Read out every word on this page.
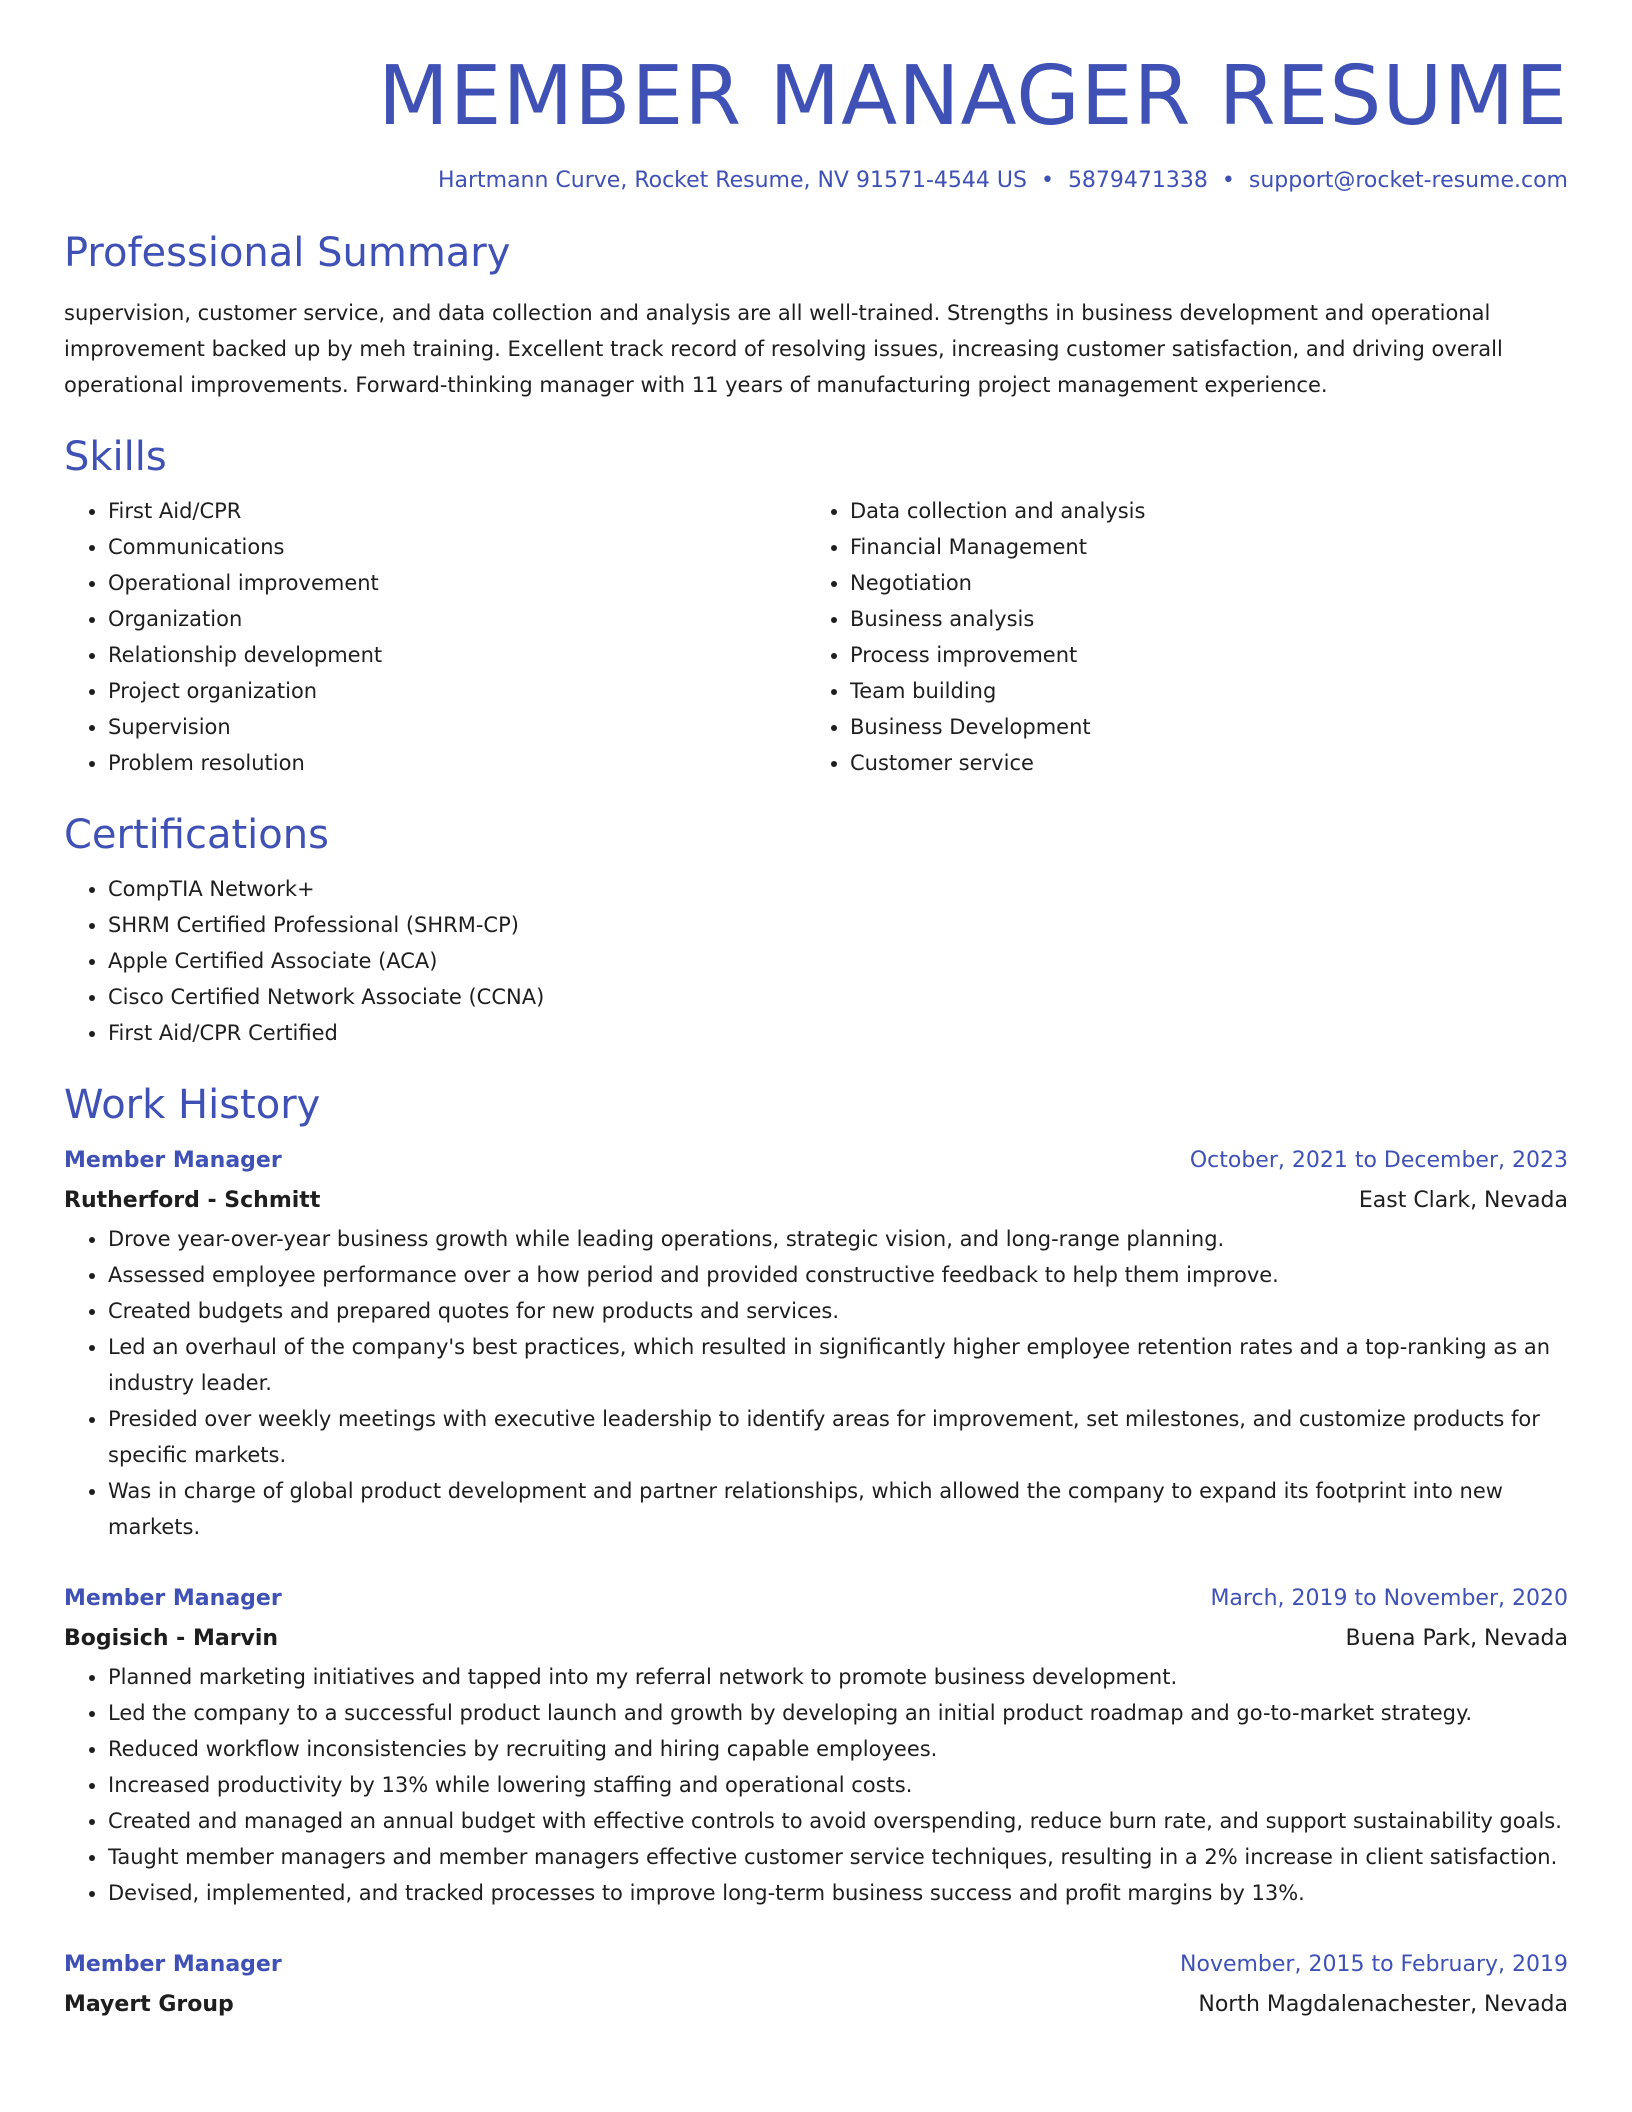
MEMBER MANAGER RESUME
Hartmann Curve, Rocket Resume, NV 91571-4544 US • 5879471338 • support@rocket-resume.com
Professional Summary

supervision, customer service, and data collection and analysis are all well-trained. Strengths in business development and operational improvement backed up by meh training. Excellent track record of resolving issues, increasing customer satisfaction, and driving overall operational improvements. Forward-thinking manager with 11 years of manufacturing project management experience.

Skills
• First Aid/CPR
• Communications
• Operational improvement
• Organization
• Relationship development
• Project organization
• Supervision
• Problem resolution
• Data collection and analysis
• Financial Management
• Negotiation
• Business analysis
• Process improvement
• Team building
• Business Development
• Customer service
Certifications
• CompTIA Network+
• SHRM Certified Professional (SHRM-CP)
• Apple Certified Associate (ACA)
• Cisco Certified Network Associate (CCNA)
• First Aid/CPR Certified
Work History
Member Manager	October, 2021 to December, 2023
Rutherford - Schmitt	East Clark, Nevada
• Drove year-over-year business growth while leading operations, strategic vision, and long-range planning.
• Assessed employee performance over a how period and provided constructive feedback to help them improve.
• Created budgets and prepared quotes for new products and services.
• Led an overhaul of the company's best practices, which resulted in significantly higher employee retention rates and a top-ranking as an industry leader.
• Presided over weekly meetings with executive leadership to identify areas for improvement, set milestones, and customize products for specific markets.
• Was in charge of global product development and partner relationships, which allowed the company to expand its footprint into new markets.
Member Manager	March, 2019 to November, 2020
Bogisich - Marvin	Buena Park, Nevada
• Planned marketing initiatives and tapped into my referral network to promote business development.
• Led the company to a successful product launch and growth by developing an initial product roadmap and go-to-market strategy.
• Reduced workflow inconsistencies by recruiting and hiring capable employees.
• Increased productivity by 13% while lowering staffing and operational costs.
• Created and managed an annual budget with effective controls to avoid overspending, reduce burn rate, and support sustainability goals.
• Taught member managers and member managers effective customer service techniques, resulting in a 2% increase in client satisfaction.
• Devised, implemented, and tracked processes to improve long-term business success and profit margins by 13%.
Member Manager	November, 2015 to February, 2019
Mayert Group	North Magdalenachester, Nevada
